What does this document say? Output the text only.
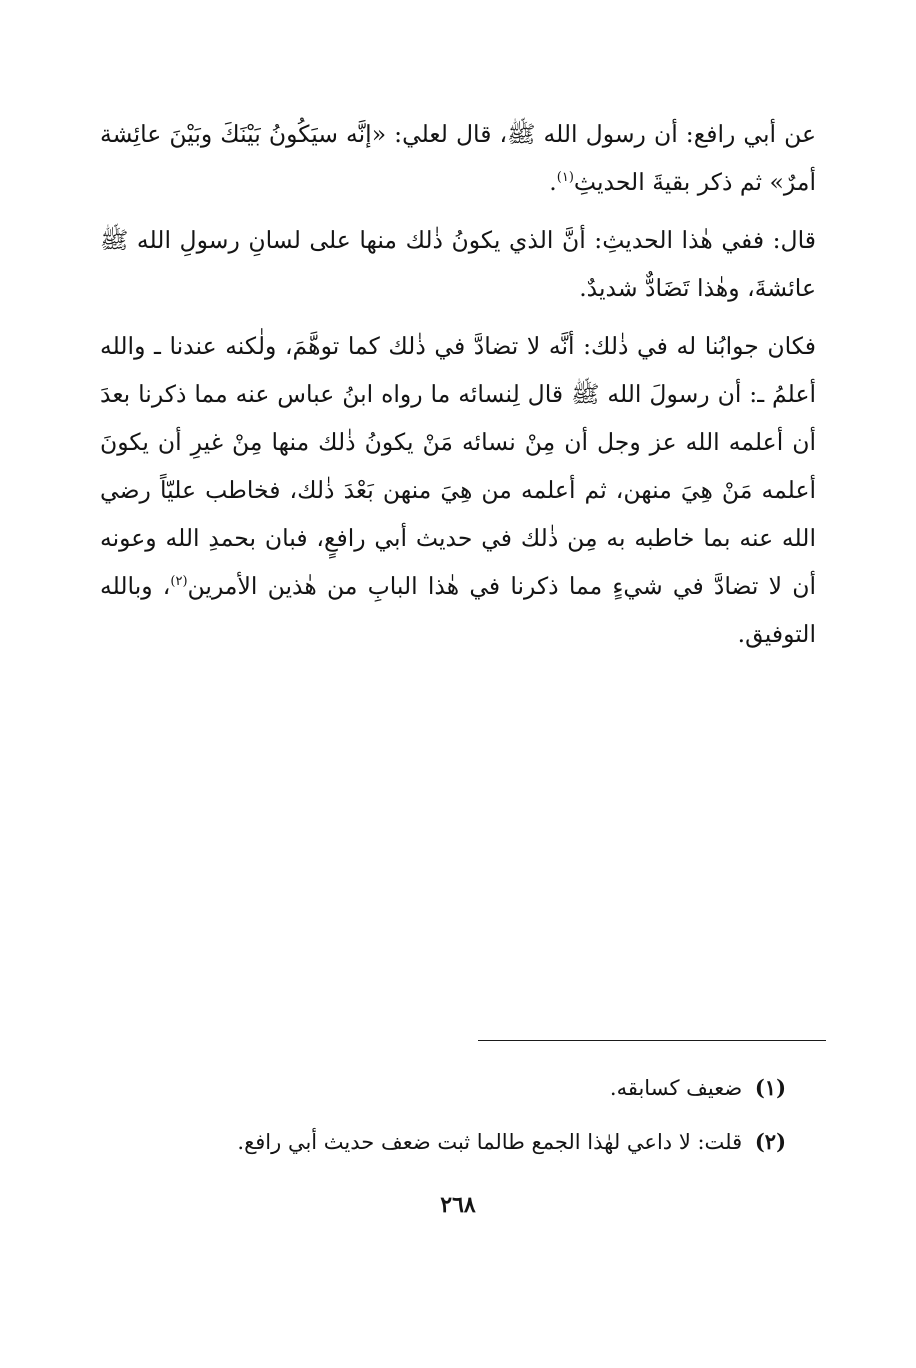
عن أبي رافع: أن رسول الله ﷺ، قال لعلي: «إنَّه سيَكُونُ بَيْنَكَ وبَيْنَ عائِشة أمرٌ» ثم ذكر بقيةَ الحديثِ$^{(١)}$.

قال: ففي هٰذا الحديثِ: أنَّ الذي يكونُ ذٰلك منها على لسانِ رسولِ الله ﷺ عائشةَ، وهٰذا تَضَادٌّ شديدٌ.

فكان جوابُنا له في ذٰلك: أنَّه لا تضادَّ في ذٰلك كما توهَّمَ، ولٰكنه عندنا ـ والله أعلمُ ـ: أن رسولَ الله ﷺ قال لِنسائه ما رواه ابنُ عباس عنه مما ذكرنا بعدَ أن أعلمه الله عز وجل أن مِنْ نسائه مَنْ يكونُ ذٰلك منها مِنْ غيرِ أن يكونَ أعلمه مَنْ هِيَ منهن، ثم أعلمه من هِيَ منهن بَعْدَ ذٰلك، فخاطب عليّاً رضي الله عنه بما خاطبه به مِن ذٰلك في حديث أبي رافعٍ، فبان بحمدِ الله وعونه أن لا تضادَّ في شيءٍ مما ذكرنا في هٰذا البابِ من هٰذين الأمرين$^{(٢)}$، وبالله التوفيق.

(١) ضعيف كسابقه.

(٢) قلت: لا داعي لهٰذا الجمع طالما ثبت ضعف حديث أبي رافع.

٢٦٨
